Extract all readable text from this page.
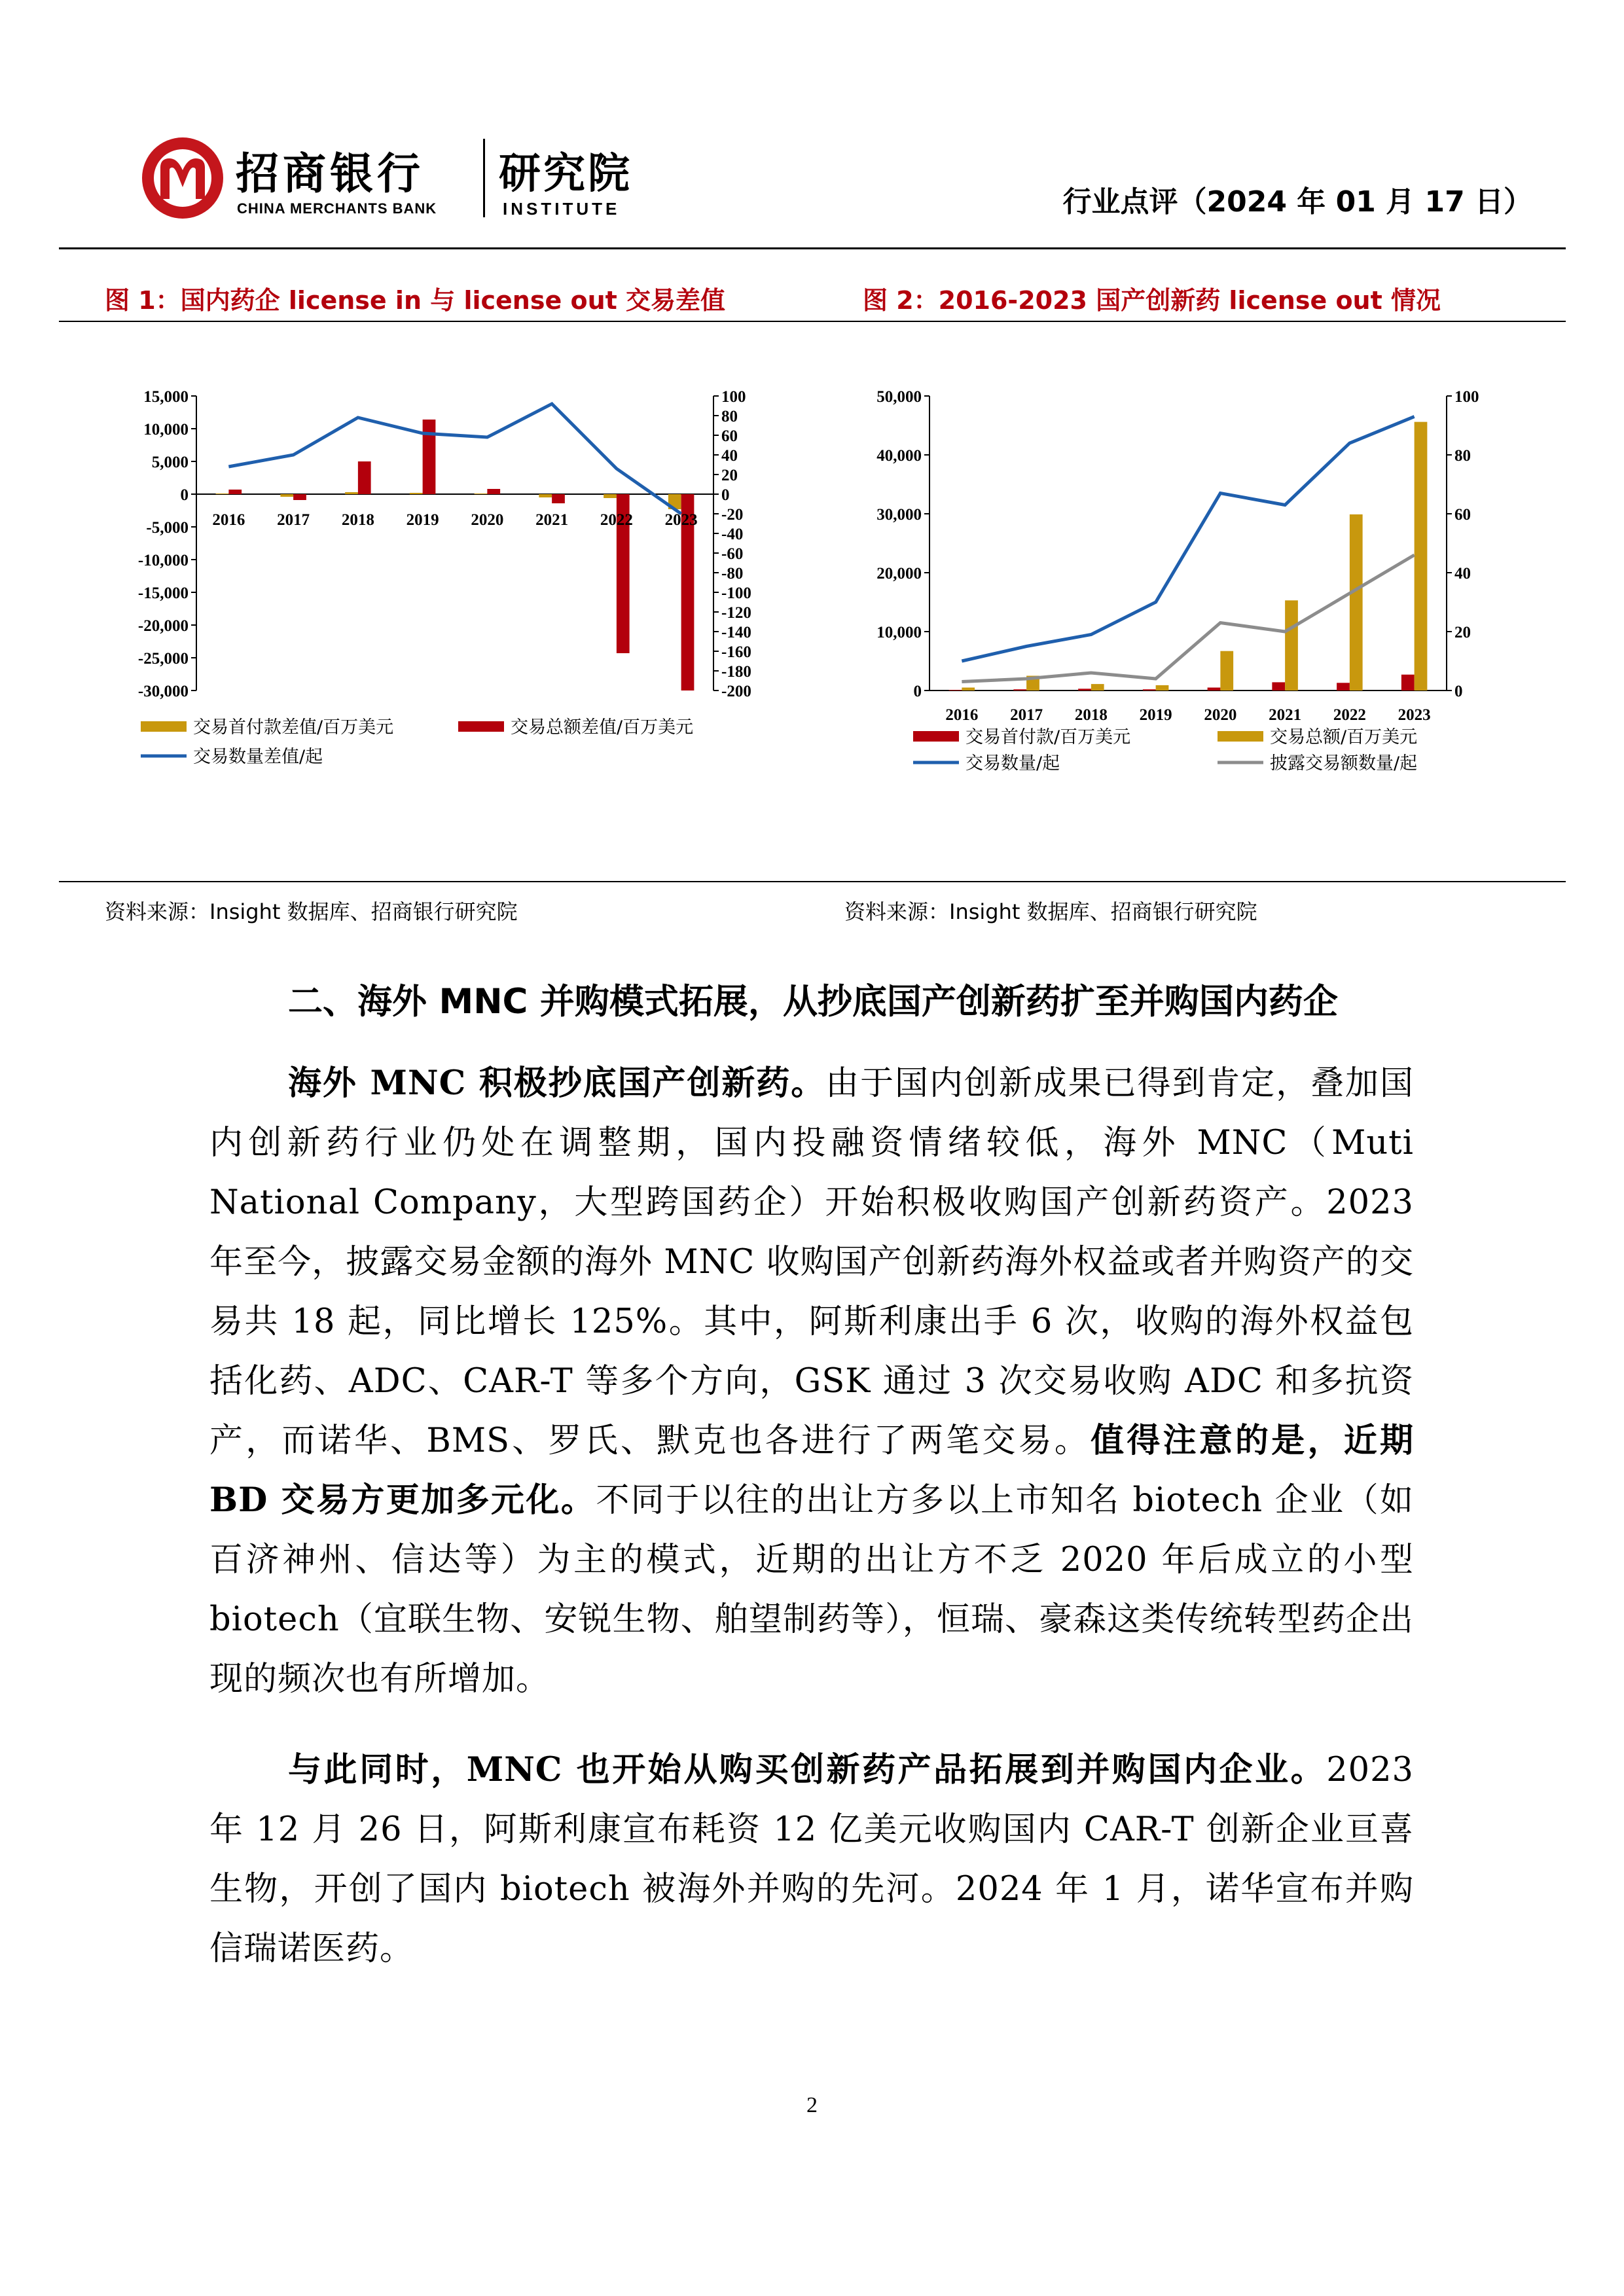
招商银行
CHINA MERCHANTS BANK
研究院
INSTITUTE	行业点评（2024 年 01 月 17 日）
图 1：国内药企 license in 与 license out 交易差值	图 2：2016-2023 国产创新药 license out 情况
15,000
10,000
5,000
0
-5,000
-10,000
-15,000
-20,000
-25,000
-30,000
100
80
60
40
20
0
-20
-40
-60
-80
-100
-120
-140
-160
-180
-200
2016 2017 2018 2019 2020 2021 2022 2023
交易首付款差值/百万美元	交易总额差值/百万美元
交易数量差值/起
50,000
40,000
30,000
20,000
10,000
0
100
80
60
40
20
0
2016 2017 2018 2019 2020 2021 2022 2023
交易首付款/百万美元	交易总额/百万美元
交易数量/起	披露交易额数量/起
资料来源：Insight 数据库、招商银行研究院	资料来源：Insight 数据库、招商银行研究院
二、海外 MNC 并购模式拓展，从抄底国产创新药扩至并购国内药企
海外 MNC 积极抄底国产创新药。由于国内创新成果已得到肯定，叠加国内创新药行业仍处在调整期，国内投融资情绪较低，海外 MNC（Muti National Company，大型跨国药企）开始积极收购国产创新药资产。2023 年至今，披露交易金额的海外 MNC 收购国产创新药海外权益或者并购资产的交易共 18 起，同比增长 125%。其中，阿斯利康出手 6 次，收购的海外权益包括化药、ADC、CAR-T 等多个方向，GSK 通过 3 次交易收购 ADC 和多抗资产，而诺华、BMS、罗氏、默克也各进行了两笔交易。值得注意的是，近期 BD 交易方更加多元化。不同于以往的出让方多以上市知名 biotech 企业（如百济神州、信达等）为主的模式，近期的出让方不乏 2020 年后成立的小型 biotech（宜联生物、安锐生物、舶望制药等），恒瑞、豪森这类传统转型药企出现的频次也有所增加。
与此同时，MNC 也开始从购买创新药产品拓展到并购国内企业。2023 年 12 月 26 日，阿斯利康宣布耗资 12 亿美元收购国内 CAR-T 创新企业亘喜生物，开创了国内 biotech 被海外并购的先河。2024 年 1 月，诺华宣布并购信瑞诺医药。
2
